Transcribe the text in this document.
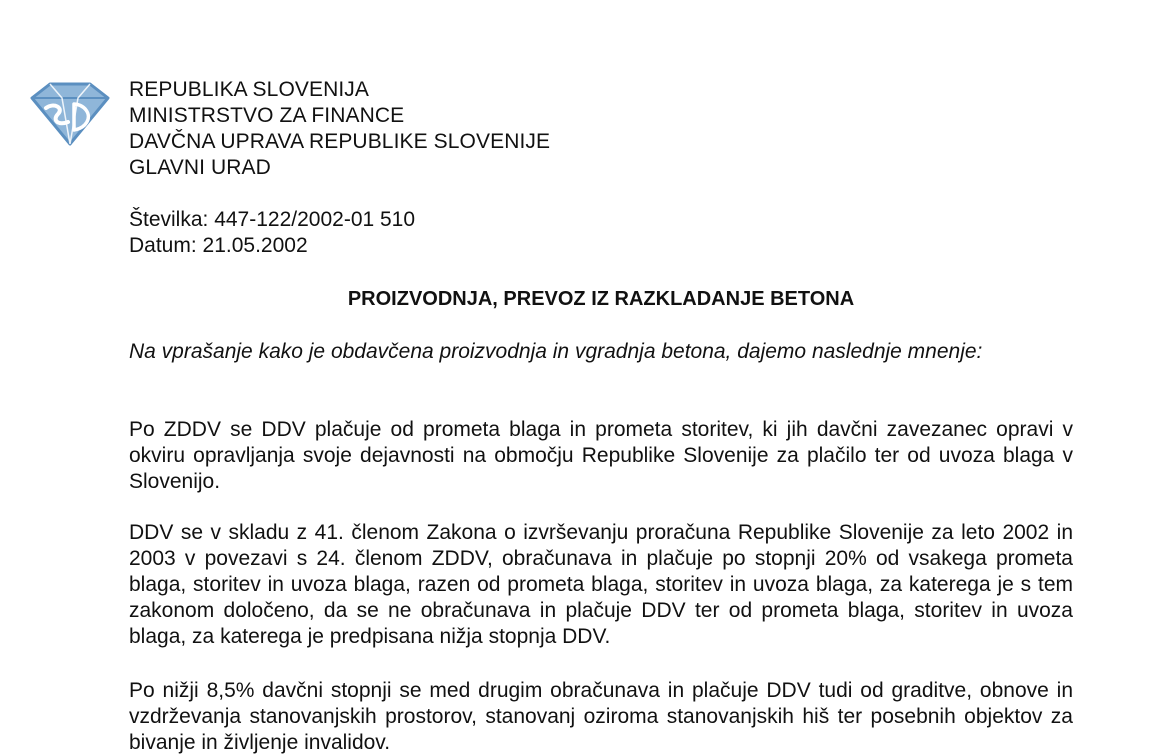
REPUBLIKA SLOVENIJA
MINISTRSTVO ZA FINANCE
DAVČNA UPRAVA REPUBLIKE SLOVENIJE
GLAVNI URAD
Številka: 447-122/2002-01 510
Datum: 21.05.2002
PROIZVODNJA, PREVOZ IZ RAZKLADANJE BETONA

Na vprašanje kako je obdavčena proizvodnja in vgradnja betona, dajemo naslednje mnenje:

Po ZDDV se DDV plačuje od prometa blaga in prometa storitev, ki jih davčni zavezanec opravi v okviru opravljanja svoje dejavnosti na območju Republike Slovenije za plačilo ter od uvoza blaga v Slovenijo.

DDV se v skladu z 41. členom Zakona o izvrševanju proračuna Republike Slovenije za leto 2002 in 2003 v povezavi s 24. členom ZDDV, obračunava in plačuje po stopnji 20% od vsakega prometa blaga, storitev in uvoza blaga, razen od prometa blaga, storitev in uvoza blaga, za katerega je s tem zakonom določeno, da se ne obračunava in plačuje DDV ter od prometa blaga, storitev in uvoza blaga, za katerega je predpisana nižja stopnja DDV.

Po nižji 8,5% davčni stopnji se med drugim obračunava in plačuje DDV tudi od graditve, obnove in vzdrževanja stanovanjskih prostorov, stanovanj oziroma stanovanjskih hiš ter posebnih objektov za bivanje in življenje invalidov.
